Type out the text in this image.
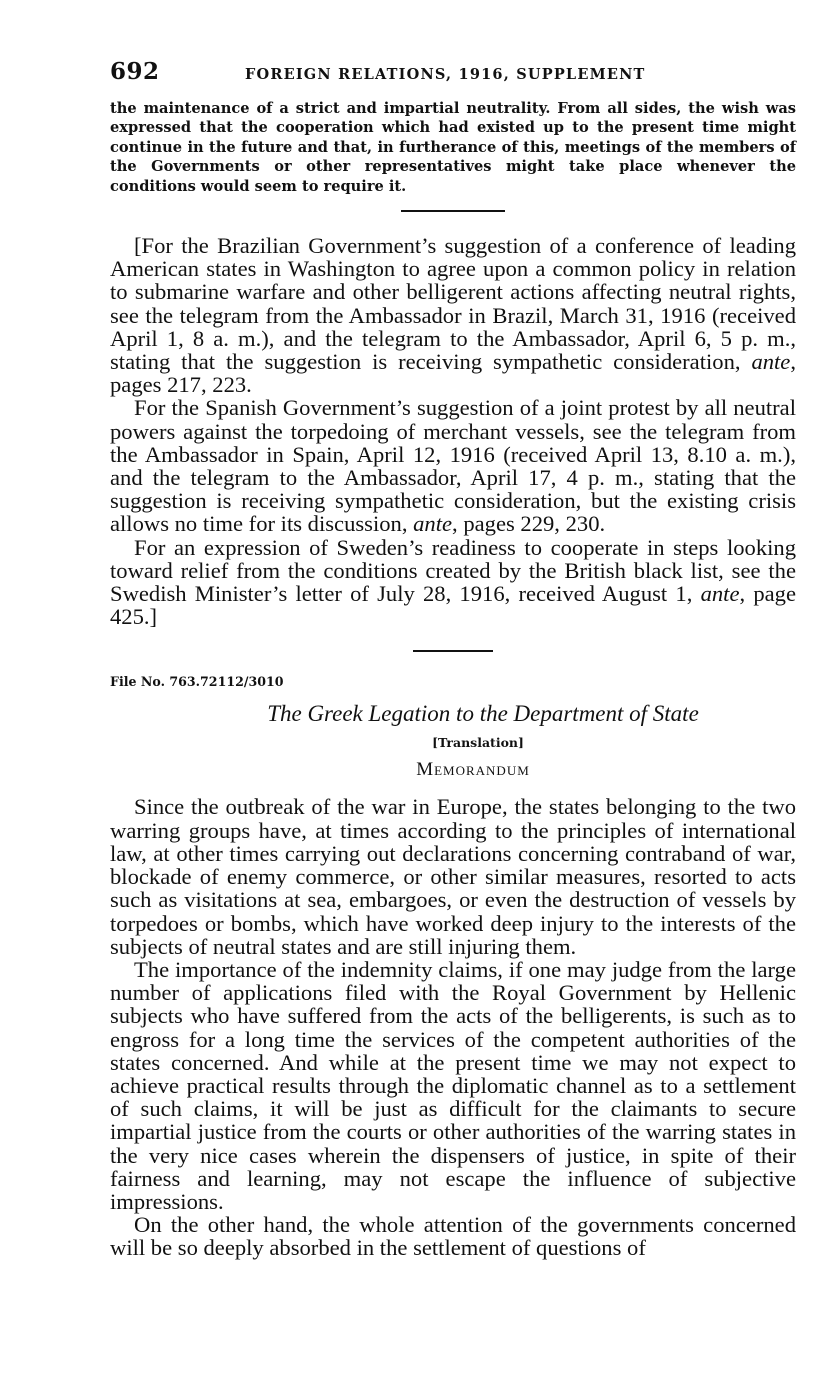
692	FOREIGN RELATIONS, 1916, SUPPLEMENT

the maintenance of a strict and impartial neutrality. From all sides, the wish was expressed that the cooperation which had existed up to the present time might continue in the future and that, in furtherance of this, meetings of the members of the Governments or other representatives might take place whenever the conditions would seem to require it.

[For the Brazilian Government’s suggestion of a conference of leading American states in Washington to agree upon a common policy in relation to submarine warfare and other belligerent actions affecting neutral rights, see the telegram from the Ambassador in Brazil, March 31, 1916 (received April 1, 8 a. m.), and the telegram to the Ambassador, April 6, 5 p. m., stating that the suggestion is receiving sympathetic consideration, ante, pages 217, 223.

For the Spanish Government’s suggestion of a joint protest by all neutral powers against the torpedoing of merchant vessels, see the telegram from the Ambassador in Spain, April 12, 1916 (received April 13, 8.10 a. m.), and the telegram to the Ambassador, April 17, 4 p. m., stating that the suggestion is receiving sympathetic consideration, but the existing crisis allows no time for its discussion, ante, pages 229, 230.

For an expression of Sweden’s readiness to cooperate in steps looking toward relief from the conditions created by the British black list, see the Swedish Minister’s letter of July 28, 1916, received August 1, ante, page 425.]

File No. 763.72112/3010

The Greek Legation to the Department of State

[Translation]

Memorandum

Since the outbreak of the war in Europe, the states belonging to the two warring groups have, at times according to the principles of international law, at other times carrying out declarations concerning contraband of war, blockade of enemy commerce, or other similar measures, resorted to acts such as visitations at sea, embargoes, or even the destruction of vessels by torpedoes or bombs, which have worked deep injury to the interests of the subjects of neutral states and are still injuring them.

The importance of the indemnity claims, if one may judge from the large number of applications filed with the Royal Government by Hellenic subjects who have suffered from the acts of the belligerents, is such as to engross for a long time the services of the competent authorities of the states concerned. And while at the present time we may not expect to achieve practical results through the diplomatic channel as to a settlement of such claims, it will be just as difficult for the claimants to secure impartial justice from the courts or other authorities of the warring states in the very nice cases wherein the dispensers of justice, in spite of their fairness and learning, may not escape the influence of subjective impressions.

On the other hand, the whole attention of the governments concerned will be so deeply absorbed in the settlement of questions of
